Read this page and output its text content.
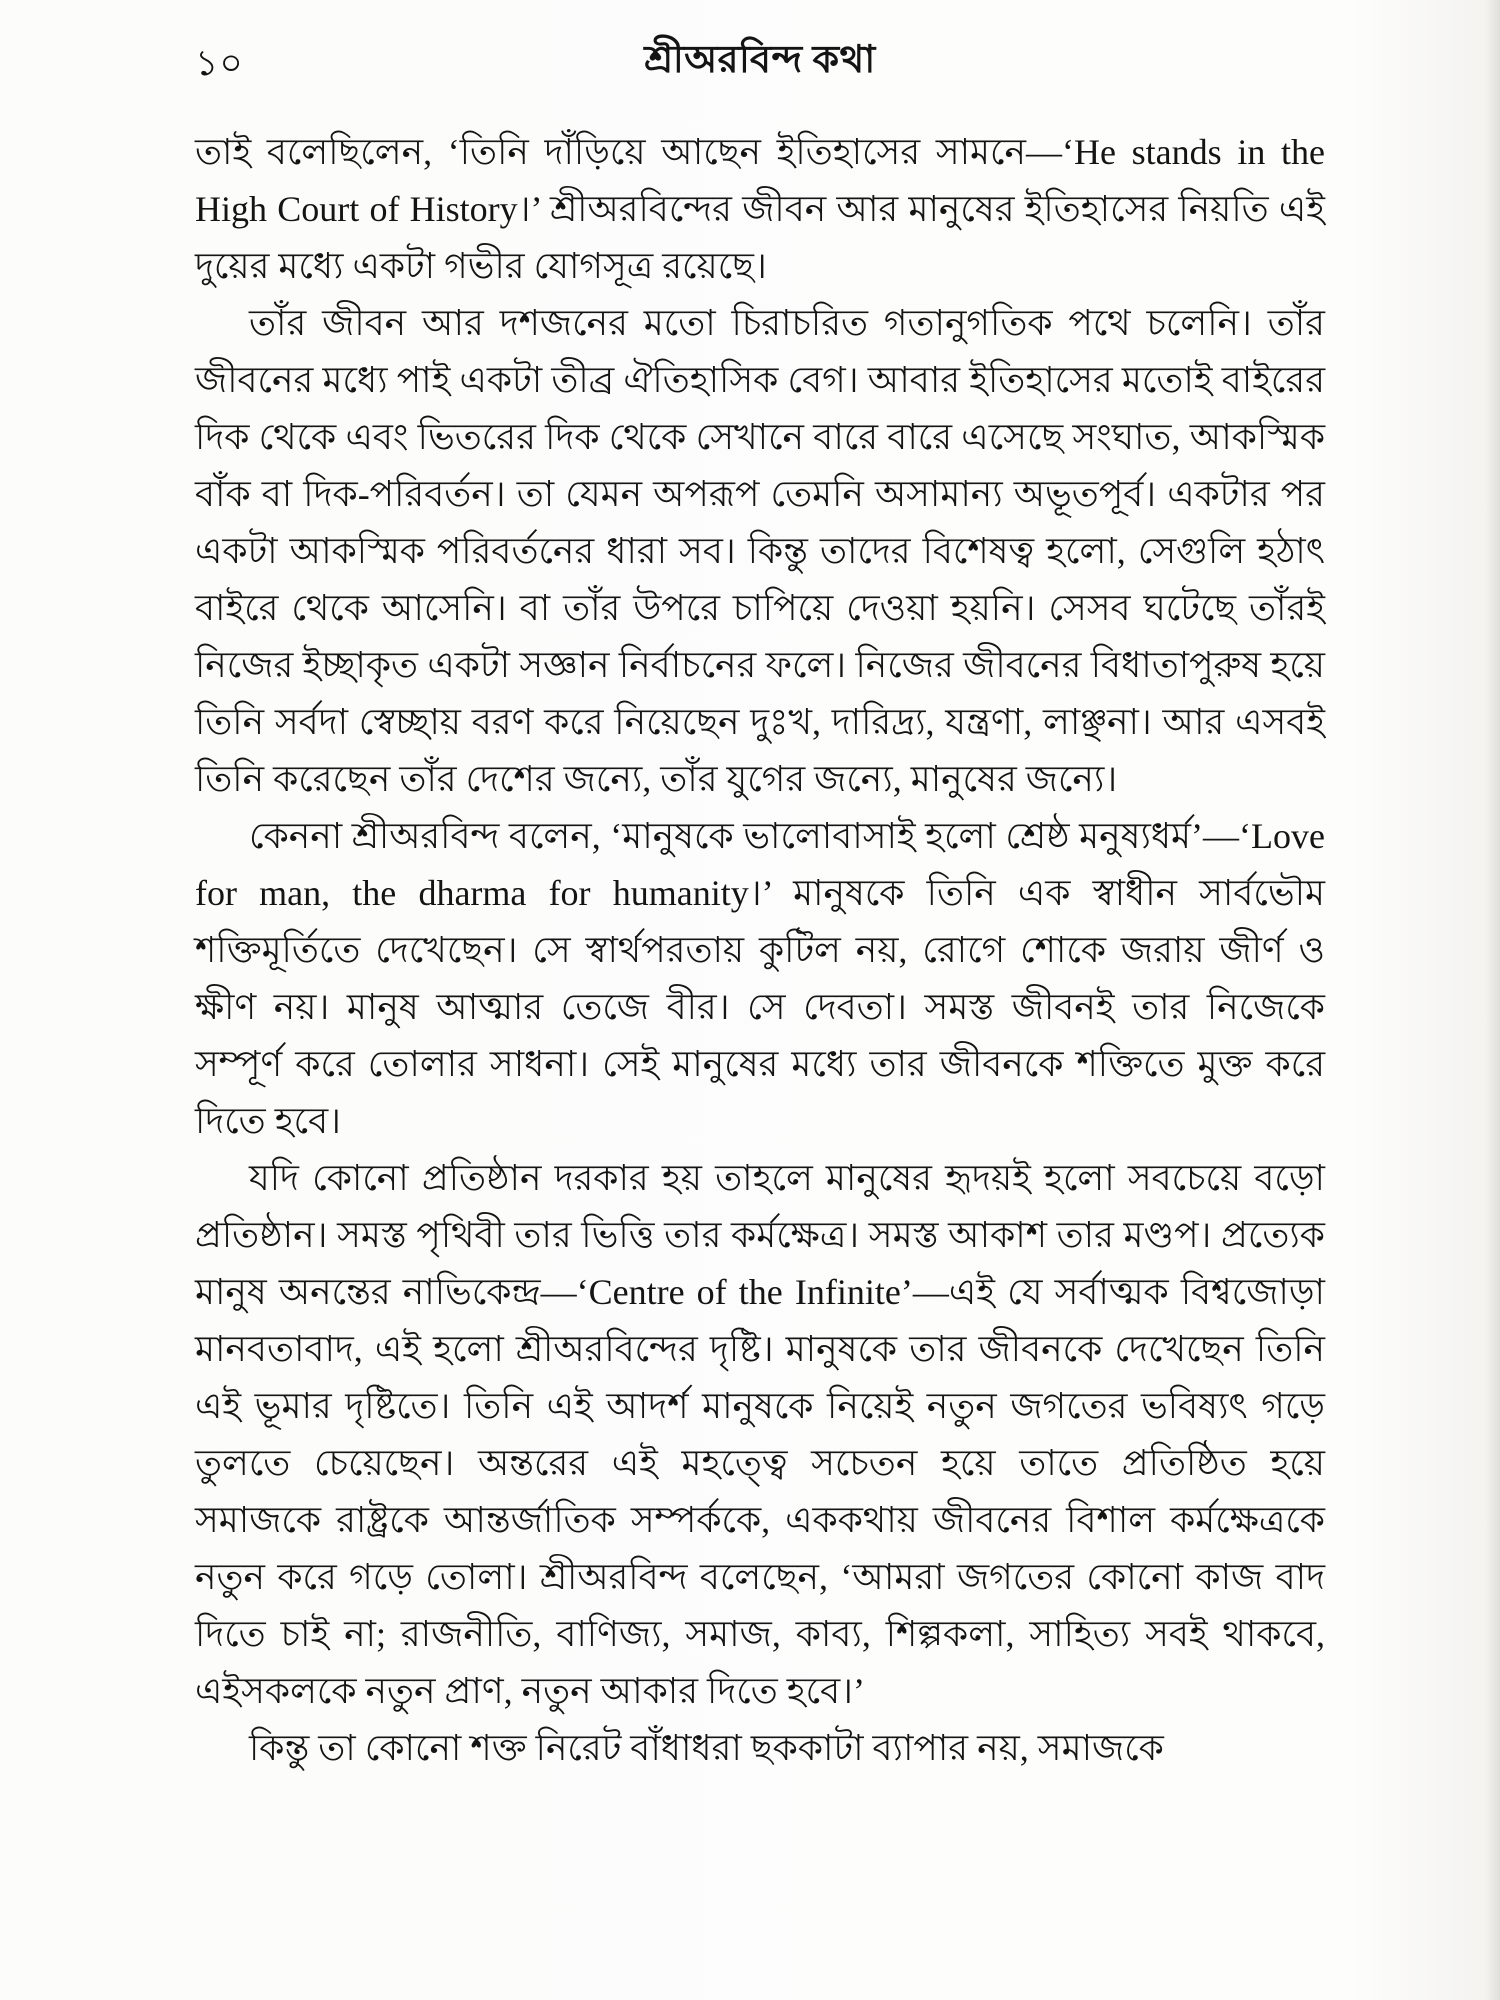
১০	শ্রীঅরবিন্দ কথা

তাই বলেছিলেন, ‘তিনি দাঁড়িয়ে আছেন ইতিহাসের সামনে—‘He stands in the High Court of History।’ শ্রীঅরবিন্দের জীবন আর মানুষের ইতিহাসের নিয়তি এই দুয়ের মধ্যে একটা গভীর যোগসূত্র রয়েছে।

তাঁর জীবন আর দশজনের মতো চিরাচরিত গতানুগতিক পথে চলেনি। তাঁর জীবনের মধ্যে পাই একটা তীব্র ঐতিহাসিক বেগ। আবার ইতিহাসের মতোই বাইরের দিক থেকে এবং ভিতরের দিক থেকে সেখানে বারে বারে এসেছে সংঘাত, আকস্মিক বাঁক বা দিক-পরিবর্তন। তা যেমন অপরূপ তেমনি অসামান্য অভূতপূর্ব। একটার পর একটা আকস্মিক পরিবর্তনের ধারা সব। কিন্তু তাদের বিশেষত্ব হলো, সেগুলি হঠাৎ বাইরে থেকে আসেনি। বা তাঁর উপরে চাপিয়ে দেওয়া হয়নি। সেসব ঘটেছে তাঁরই নিজের ইচ্ছাকৃত একটা সজ্ঞান নির্বাচনের ফলে। নিজের জীবনের বিধাতাপুরুষ হয়ে তিনি সর্বদা স্বেচ্ছায় বরণ করে নিয়েছেন দুঃখ, দারিদ্র্য, যন্ত্রণা, লাঞ্ছনা। আর এসবই তিনি করেছেন তাঁর দেশের জন্যে, তাঁর যুগের জন্যে, মানুষের জন্যে।

কেননা শ্রীঅরবিন্দ বলেন, ‘মানুষকে ভালোবাসাই হলো শ্রেষ্ঠ মনুষ্যধর্ম’—‘Love for man, the dharma for humanity।’ মানুষকে তিনি এক স্বাধীন সার্বভৌম শক্তিমূর্তিতে দেখেছেন। সে স্বার্থপরতায় কুটিল নয়, রোগে শোকে জরায় জীর্ণ ও ক্ষীণ নয়। মানুষ আত্মার তেজে বীর। সে দেবতা। সমস্ত জীবনই তার নিজেকে সম্পূর্ণ করে তোলার সাধনা। সেই মানুষের মধ্যে তার জীবনকে শক্তিতে মুক্ত করে দিতে হবে।

যদি কোনো প্রতিষ্ঠান দরকার হয় তাহলে মানুষের হৃদয়ই হলো সবচেয়ে বড়ো প্রতিষ্ঠান। সমস্ত পৃথিবী তার ভিত্তি তার কর্মক্ষেত্র। সমস্ত আকাশ তার মণ্ডপ। প্রত্যেক মানুষ অনন্তের নাভিকেন্দ্র—‘Centre of the Infinite’—এই যে সর্বাত্মক বিশ্বজোড়া মানবতাবাদ, এই হলো শ্রীঅরবিন্দের দৃষ্টি। মানুষকে তার জীবনকে দেখেছেন তিনি এই ভূমার দৃষ্টিতে। তিনি এই আদর্শ মানুষকে নিয়েই নতুন জগতের ভবিষ্যৎ গড়ে তুলতে চেয়েছেন। অন্তরের এই মহত্ত্বে সচেতন হয়ে তাতে প্রতিষ্ঠিত হয়ে সমাজকে রাষ্ট্রকে আন্তর্জাতিক সম্পর্ককে, এককথায় জীবনের বিশাল কর্মক্ষেত্রকে নতুন করে গড়ে তোলা। শ্রীঅরবিন্দ বলেছেন, ‘আমরা জগতের কোনো কাজ বাদ দিতে চাই না; রাজনীতি, বাণিজ্য, সমাজ, কাব্য, শিল্পকলা, সাহিত্য সবই থাকবে, এইসকলকে নতুন প্রাণ, নতুন আকার দিতে হবে।’

কিন্তু তা কোনো শক্ত নিরেট বাঁধাধরা ছককাটা ব্যাপার নয়, সমাজকে
